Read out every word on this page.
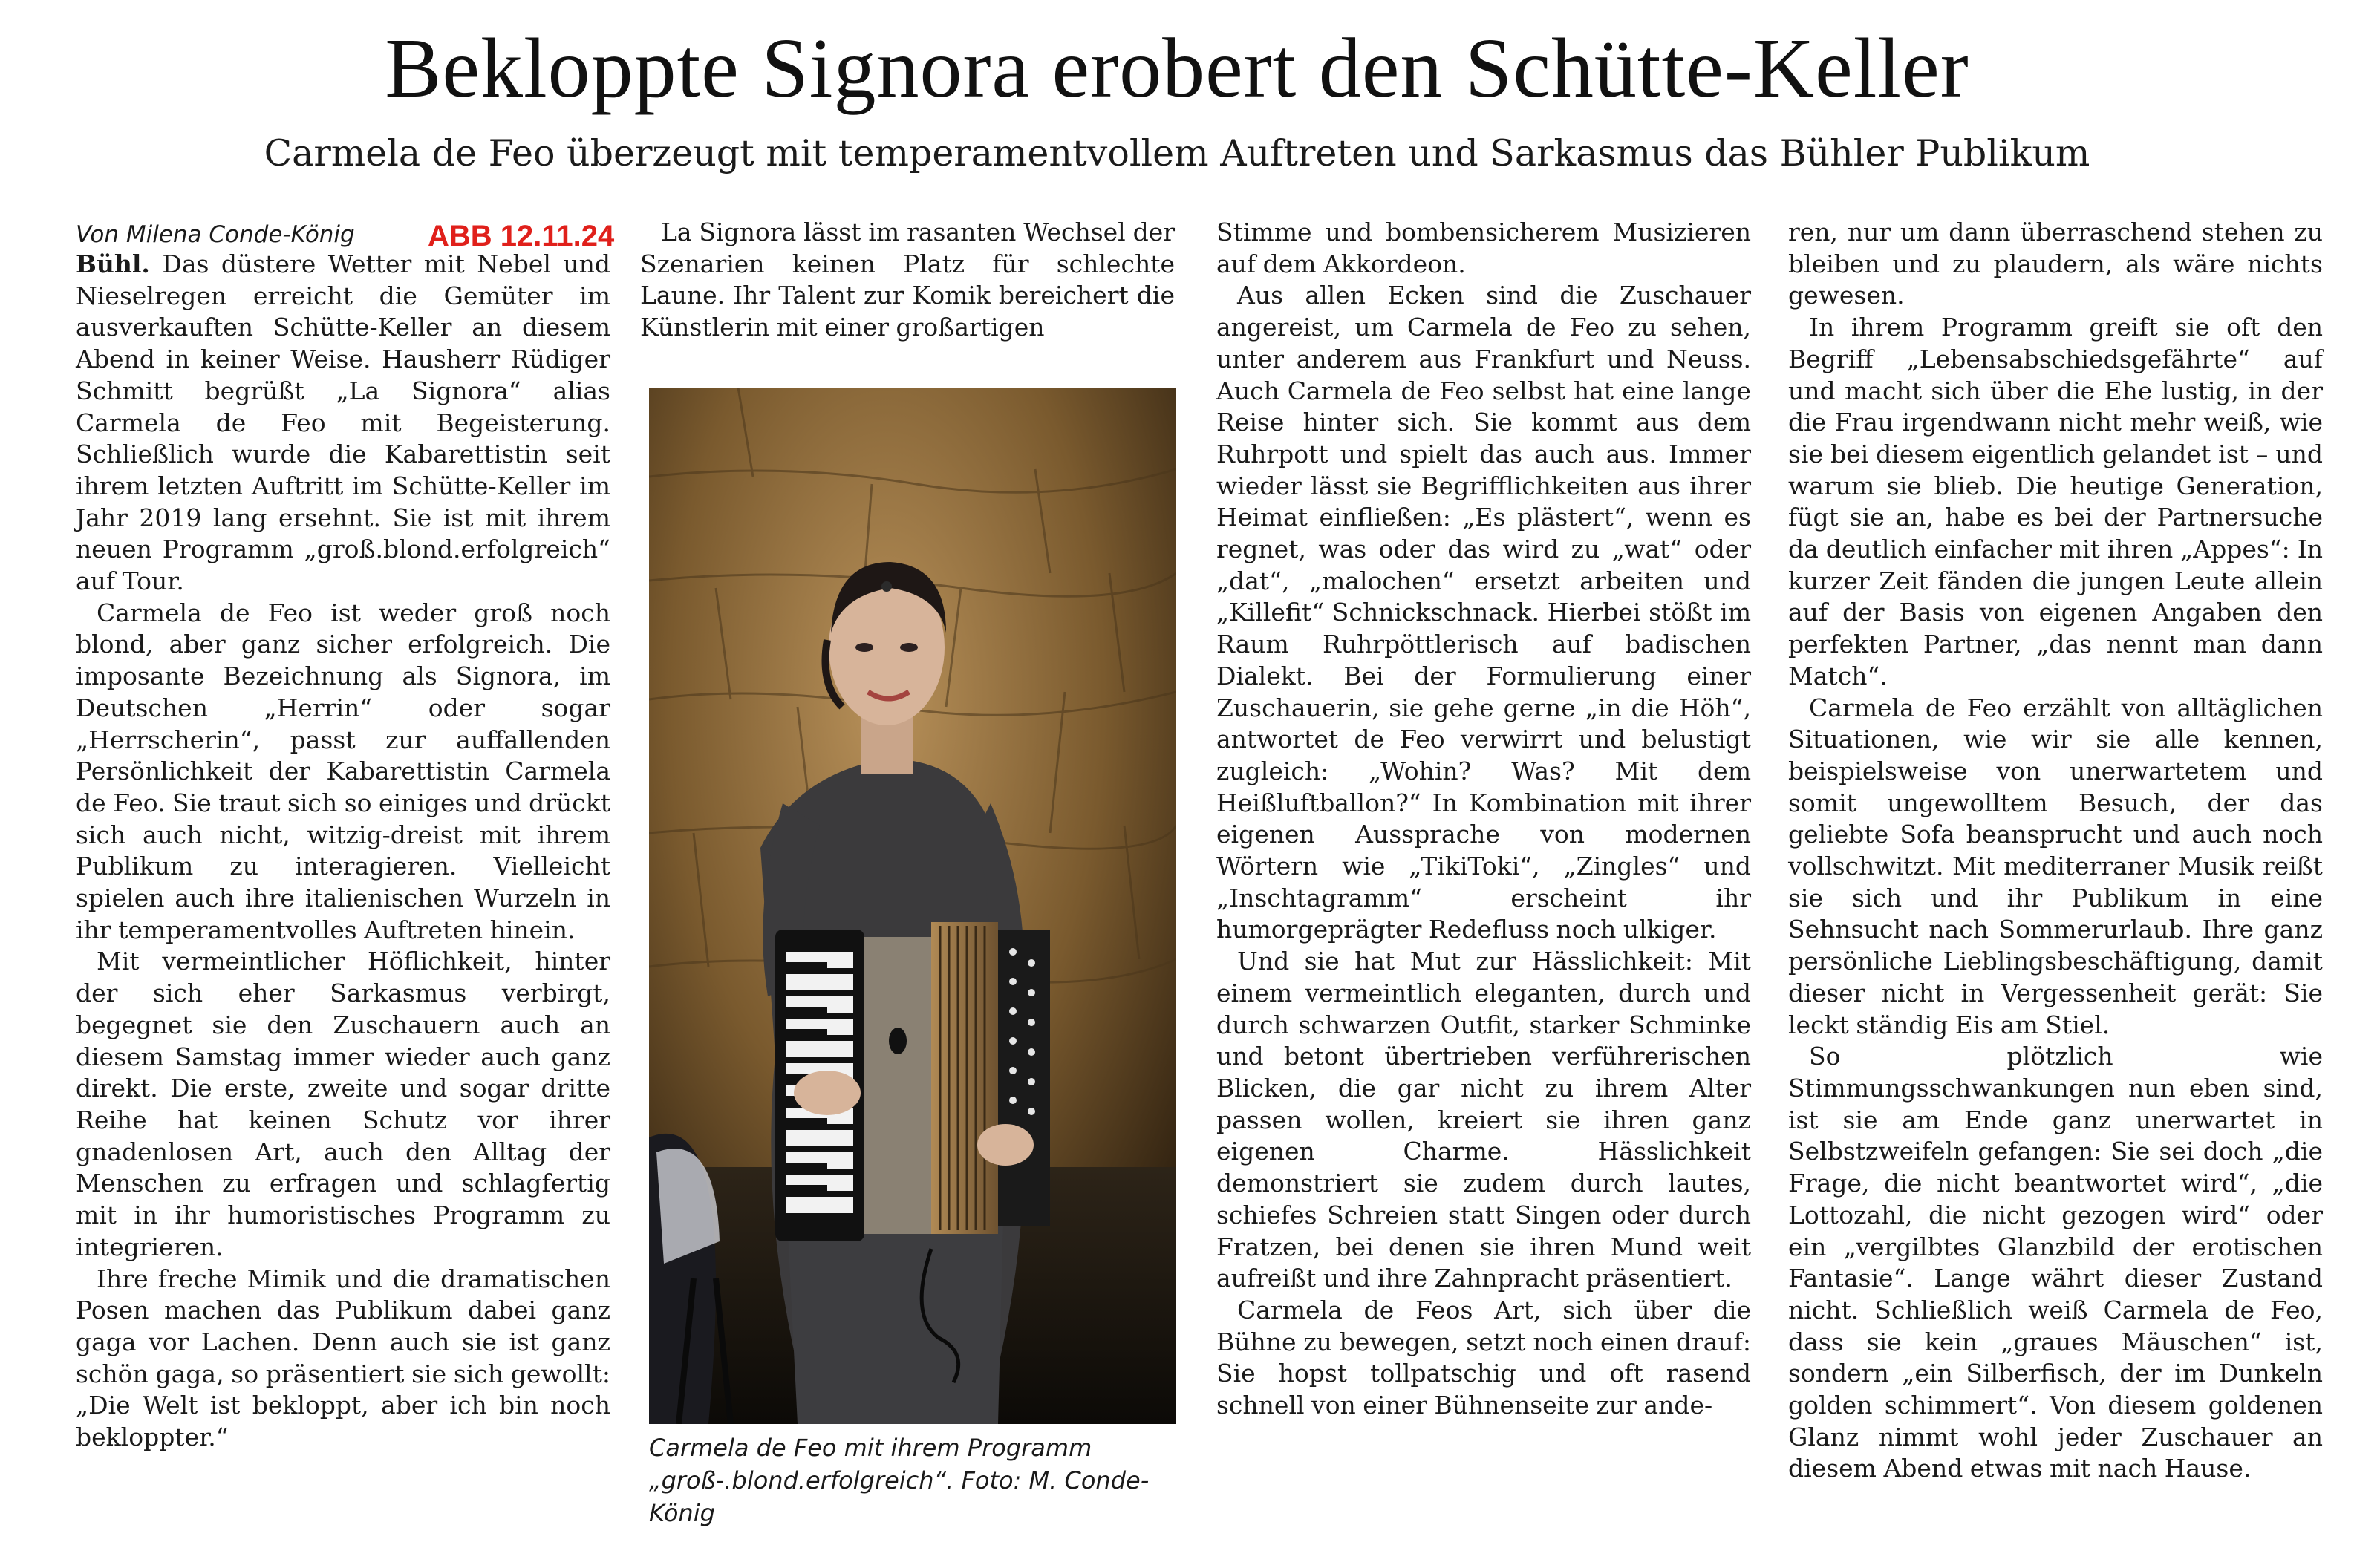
Bekloppte Signora erobert den Schütte-Keller
Carmela de Feo überzeugt mit temperamentvollem Auftreten und Sarkasmus das Bühler Publikum
Von Milena Conde-König ABB 12.11.24

Bühl. Das düstere Wetter mit Nebel und Nieselregen erreicht die Gemüter im ausverkauften Schütte-Keller an diesem Abend in keiner Weise. Hausherr Rüdiger Schmitt begrüßt „La Signora“ alias Carmela de Feo mit Begeisterung. Schließlich wurde die Kabarettistin seit ihrem letzten Auftritt im Schütte-Keller im Jahr 2019 lang ersehnt. Sie ist mit ihrem neuen Programm „groß.blond.erfolgreich“ auf Tour.

Carmela de Feo ist weder groß noch blond, aber ganz sicher erfolgreich. Die imposante Bezeichnung als Signora, im Deutschen „Herrin“ oder sogar „Herrscherin“, passt zur auffallenden Persönlichkeit der Kabarettistin Carmela de Feo. Sie traut sich so einiges und drückt sich auch nicht, witzig-dreist mit ihrem Publikum zu interagieren. Vielleicht spielen auch ihre italienischen Wurzeln in ihr temperamentvolles Auftreten hinein.

Mit vermeintlicher Höflichkeit, hinter der sich eher Sarkasmus verbirgt, begegnet sie den Zuschauern auch an diesem Samstag immer wieder auch ganz direkt. Die erste, zweite und sogar dritte Reihe hat keinen Schutz vor ihrer gnadenlosen Art, auch den Alltag der Menschen zu erfragen und schlagfertig mit in ihr humoristisches Programm zu integrieren.

Ihre freche Mimik und die dramatischen Posen machen das Publikum dabei ganz gaga vor Lachen. Denn auch sie ist ganz schön gaga, so präsentiert sie sich gewollt: „Die Welt ist bekloppt, aber ich bin noch bekloppter.“

La Signora lässt im rasanten Wechsel der Szenarien keinen Platz für schlechte Laune. Ihr Talent zur Komik bereichert die Künstlerin mit einer großartigen

Carmela de Feo mit ihrem Programm „groß-.blond.erfolgreich“. Foto: M. Conde-König

Stimme und bombensicherem Musizieren auf dem Akkordeon.

Aus allen Ecken sind die Zuschauer angereist, um Carmela de Feo zu sehen, unter anderem aus Frankfurt und Neuss. Auch Carmela de Feo selbst hat eine lange Reise hinter sich. Sie kommt aus dem Ruhrpott und spielt das auch aus. Immer wieder lässt sie Begrifflichkeiten aus ihrer Heimat einfließen: „Es plästert“, wenn es regnet, was oder das wird zu „wat“ oder „dat“, „malochen“ ersetzt arbeiten und „Killefit“ Schnickschnack. Hierbei stößt im Raum Ruhrpöttlerisch auf badischen Dialekt. Bei der Formulierung einer Zuschauerin, sie gehe gerne „in die Höh“, antwortet de Feo verwirrt und belustigt zugleich: „Wohin? Was? Mit dem Heißluftballon?“ In Kombination mit ihrer eigenen Aussprache von modernen Wörtern wie „TikiToki“, „Zingles“ und „Inschtagramm“ erscheint ihr humorgeprägter Redefluss noch ulkiger.

Und sie hat Mut zur Hässlichkeit: Mit einem vermeintlich eleganten, durch und durch schwarzen Outfit, starker Schminke und betont übertrieben verführerischen Blicken, die gar nicht zu ihrem Alter passen wollen, kreiert sie ihren ganz eigenen Charme. Hässlichkeit demonstriert sie zudem durch lautes, schiefes Schreien statt Singen oder durch Fratzen, bei denen sie ihren Mund weit aufreißt und ihre Zahnpracht präsentiert.

Carmela de Feos Art, sich über die Bühne zu bewegen, setzt noch einen drauf: Sie hopst tollpatschig und oft rasend schnell von einer Bühnenseite zur ande-

ren, nur um dann überraschend stehen zu bleiben und zu plaudern, als wäre nichts gewesen.

In ihrem Programm greift sie oft den Begriff „Lebensabschiedsgefährte“ auf und macht sich über die Ehe lustig, in der die Frau irgendwann nicht mehr weiß, wie sie bei diesem eigentlich gelandet ist – und warum sie blieb. Die heutige Generation, fügt sie an, habe es bei der Partnersuche da deutlich einfacher mit ihren „Appes“: In kurzer Zeit fänden die jungen Leute allein auf der Basis von eigenen Angaben den perfekten Partner, „das nennt man dann Match“.

Carmela de Feo erzählt von alltäglichen Situationen, wie wir sie alle kennen, beispielsweise von unerwartetem und somit ungewolltem Besuch, der das geliebte Sofa beansprucht und auch noch vollschwitzt. Mit mediterraner Musik reißt sie sich und ihr Publikum in eine Sehnsucht nach Sommerurlaub. Ihre ganz persönliche Lieblingsbeschäftigung, damit dieser nicht in Vergessenheit gerät: Sie leckt ständig Eis am Stiel.

So plötzlich wie Stimmungsschwankungen nun eben sind, ist sie am Ende ganz unerwartet in Selbstzweifeln gefangen: Sie sei doch „die Frage, die nicht beantwortet wird“, „die Lottozahl, die nicht gezogen wird“ oder ein „vergilbtes Glanzbild der erotischen Fantasie“. Lange währt dieser Zustand nicht. Schließlich weiß Carmela de Feo, dass sie kein „graues Mäuschen“ ist, sondern „ein Silberfisch, der im Dunkeln golden schimmert“. Von diesem goldenen Glanz nimmt wohl jeder Zuschauer an diesem Abend etwas mit nach Hause.
